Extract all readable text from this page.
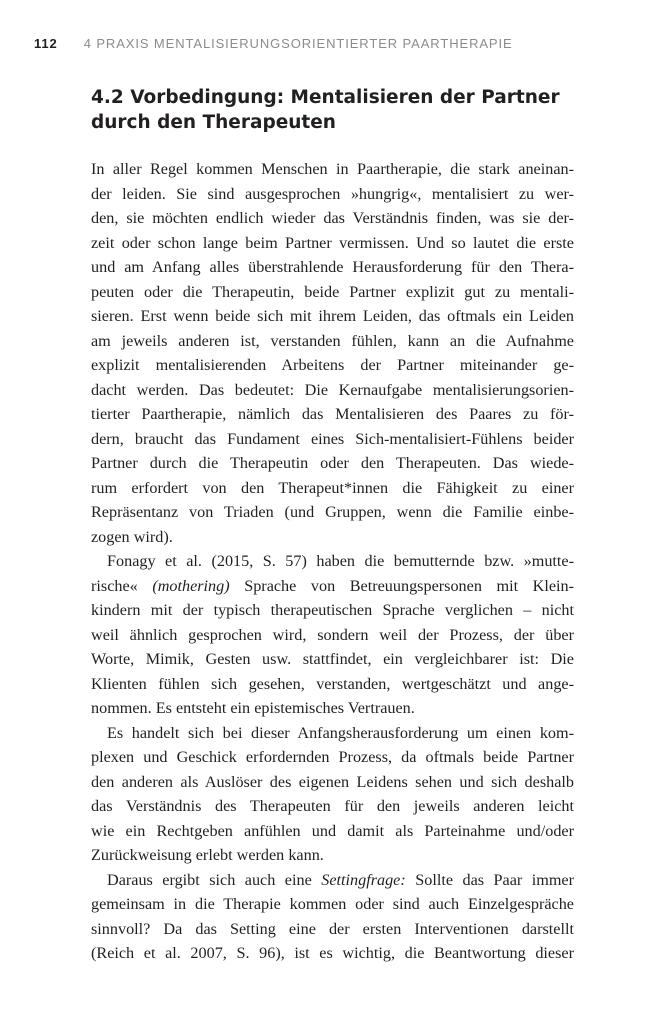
112 4 PRAXIS MENTALISIERUNGSORIENTIERTER PAARTHERAPIE
4.2 Vorbedingung: Mentalisieren der Partner
durch den Therapeuten
In aller Regel kommen Menschen in Paartherapie, die stark aneinan-
der leiden. Sie sind ausgesprochen »hungrig«, mentalisiert zu wer-
den, sie möchten endlich wieder das Verständnis finden, was sie der-
zeit oder schon lange beim Partner vermissen. Und so lautet die erste
und am Anfang alles überstrahlende Herausforderung für den Thera-
peuten oder die Therapeutin, beide Partner explizit gut zu mentali-
sieren. Erst wenn beide sich mit ihrem Leiden, das oftmals ein Leiden
am jeweils anderen ist, verstanden fühlen, kann an die Aufnahme
explizit mentalisierenden Arbeitens der Partner miteinander ge-
dacht werden. Das bedeutet: Die Kernaufgabe mentalisierungsorien-
tierter Paartherapie, nämlich das Mentalisieren des Paares zu för-
dern, braucht das Fundament eines Sich-mentalisiert-Fühlens beider
Partner durch die Therapeutin oder den Therapeuten. Das wiede-
rum erfordert von den Therapeut*innen die Fähigkeit zu einer
Repräsentanz von Triaden (und Gruppen, wenn die Familie einbe-
zogen wird).
Fonagy et al. (2015, S. 57) haben die bemutternde bzw. »mutte-
rische« (mothering) Sprache von Betreuungspersonen mit Klein-
kindern mit der typisch therapeutischen Sprache verglichen – nicht
weil ähnlich gesprochen wird, sondern weil der Prozess, der über
Worte, Mimik, Gesten usw. stattfindet, ein vergleichbarer ist: Die
Klienten fühlen sich gesehen, verstanden, wertgeschätzt und ange-
nommen. Es entsteht ein epistemisches Vertrauen.
Es handelt sich bei dieser Anfangsherausforderung um einen kom-
plexen und Geschick erfordernden Prozess, da oftmals beide Partner
den anderen als Auslöser des eigenen Leidens sehen und sich deshalb
das Verständnis des Therapeuten für den jeweils anderen leicht
wie ein Rechtgeben anfühlen und damit als Parteinahme und/oder
Zurückweisung erlebt werden kann.
Daraus ergibt sich auch eine Settingfrage: Sollte das Paar immer
gemeinsam in die Therapie kommen oder sind auch Einzelgespräche
sinnvoll? Da das Setting eine der ersten Interventionen darstellt
(Reich et al. 2007, S. 96), ist es wichtig, die Beantwortung dieser
